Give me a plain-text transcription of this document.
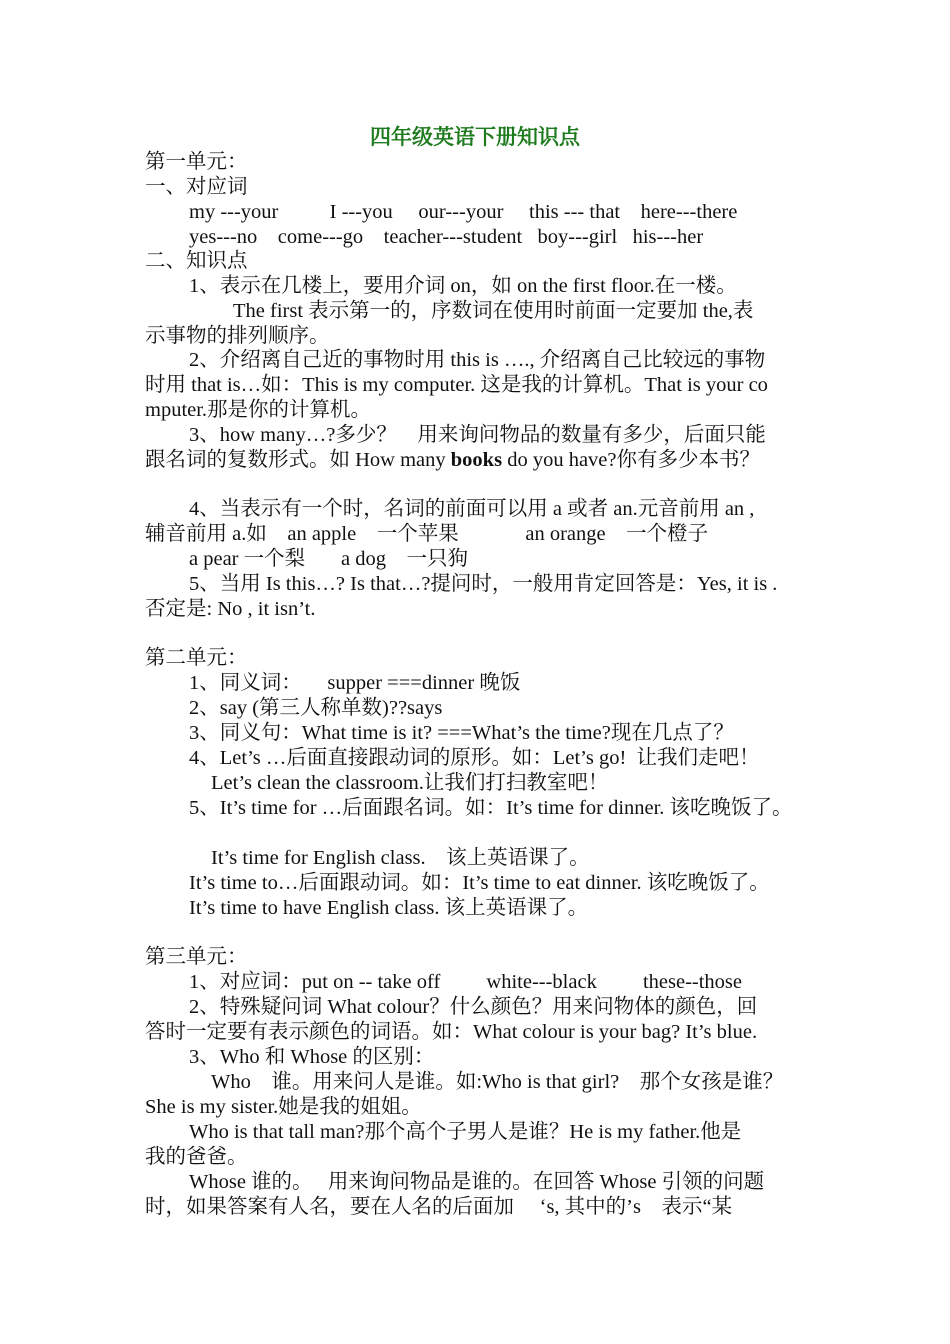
四年级英语下册知识点
第一单元：
一、对应词
my ---your          I ---you     our---your     this --- that    here---there
yes---no    come---go    teacher---student   boy---girl   his---her
二、知识点
1、表示在几楼上，要用介词 on，如 on the first floor.在一楼。
The first 表示第一的，序数词在使用时前面一定要加 the,表
示事物的排列顺序。
2、介绍离自己近的事物时用 this is …., 介绍离自己比较远的事物
时用 that is…如：This is my computer. 这是我的计算机。That is your co
mputer.那是你的计算机。
3、how many…?多少？    用来询问物品的数量有多少，后面只能
跟名词的复数形式。如 How many books do you have?你有多少本书？
4、当表示有一个时，名词的前面可以用 a 或者 an.元音前用 an ,
辅音前用 a.如    an apple    一个苹果             an orange    一个橙子
a pear 一个梨       a dog    一只狗
5、当用 Is this…? Is that…?提问时，一般用肯定回答是：Yes, it is .
否定是: No , it isn’t.
第二单元：
1、同义词：     supper ===dinner 晚饭
2、say (第三人称单数)??says
3、同义句：What time is it? ===What’s the time?现在几点了？
4、Let’s …后面直接跟动词的原形。如：Let’s go!  让我们走吧！
Let’s clean the classroom.让我们打扫教室吧！
5、It’s time for …后面跟名词。如：It’s time for dinner. 该吃晚饭了。
It’s time for English class.    该上英语课了。
It’s time to…后面跟动词。如：It’s time to eat dinner. 该吃晚饭了。
It’s time to have English class. 该上英语课了。
第三单元：
1、对应词：put on -- take off         white---black         these--those
2、特殊疑问词 What colour？什么颜色？用来问物体的颜色，回
答时一定要有表示颜色的词语。如：What colour is your bag? It’s blue.
3、Who 和 Whose 的区别：
Who    谁。用来问人是谁。如:Who is that girl?    那个女孩是谁？
She is my sister.她是我的姐姐。
Who is that tall man?那个高个子男人是谁？He is my father.他是
我的爸爸。
Whose 谁的。   用来询问物品是谁的。在回答 Whose 引领的问题
时，如果答案有人名，要在人名的后面加     ‘s, 其中的’s    表示“某
